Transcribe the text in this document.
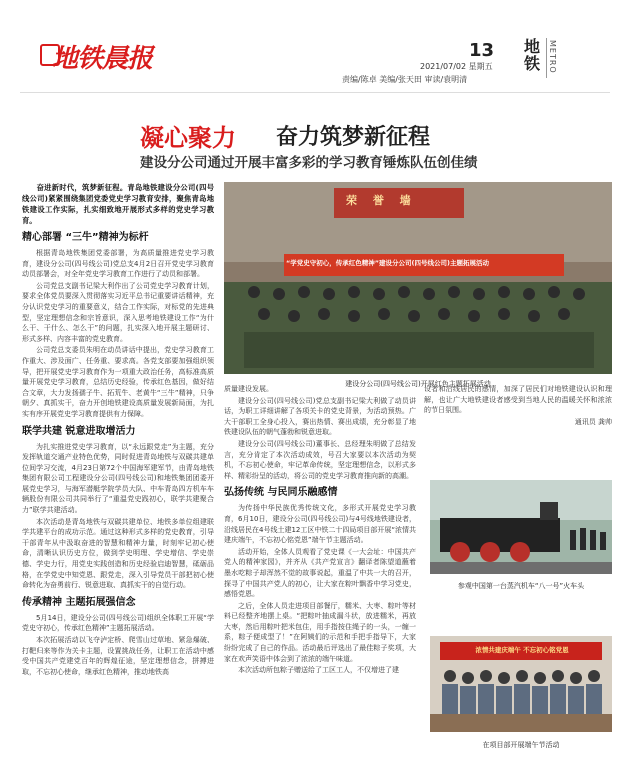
地铁晨报	13
2021/07/02 星期五
责编/陈卓 美编/张天田 审读/袁明清
地铁 METRO
凝心聚力 奋力筑梦新征程
建设分公司通过开展丰富多彩的学习教育锤炼队伍创佳绩

奋进新时代，筑梦新征程。青岛地铁建设分公司(四号线公司)紧紧围绕集团党委党史学习教育安排，聚焦青岛地铁建设工作实际，扎实细致地开展形式多样的党史学习教育。

精心部署 “三牛”精神为标杆

根据青岛地铁集团党委部署，为高质量推进党史学习教育，建设分公司(四号线公司)党总支4月2日召开党史学习教育动员部署会，对全年党史学习教育工作进行了动员和部署。

公司党总支副书记梁大利作出了公司党史学习教育计划，要求全体党员要深入贯彻落实习近平总书记重要讲话精神，充分认识党史学习的重要意义，结合工作实际，对标党的先进典型，坚定理想信念和宗旨意识，深入思考地铁建设工作“为什么干、干什么、怎么干”的问题，扎实深入地开展主题研讨、形式多样、内容丰富的党史教育。

公司党总支委员朱明在动员讲话中提出，党史学习教育工作重大、涉及面广、任务重、要求高。各党支部要加强组织领导，把开展党史学习教育作为一项重大政治任务，高标准高质量开展党史学习教育，总结历史经验，传承红色基因，做好结合文章，大力发扬孺子牛、拓荒牛、老黄牛“三牛”精神，只争朝夕、真抓实干，奋力开创地铁建设高质量发展新局面，为扎实有序开展党史学习教育提供有力保障。

联学共建 锐意进取增活力

为扎实推进党史学习教育，以“永远跟党走”为主题，充分发挥轨道交通产业特色优势，同时促进青岛地铁与双碳共建单位间学习交流，4月23日第72个中国海军建军节，由青岛地铁集团有限公司工程建设分公司(四号线公司)和地铁集团团委开展党史学习，与海军潜艇学院学员大队、中车青岛四方机车车辆股份有限公司共同举行了“重温党史践初心，联学共建聚合力”联学共建活动。

本次活动是青岛地铁与双碳共建单位、地铁多单位组建联学共建平台的成功示范。通过这种形式多样的党史教育，引导干部青年从中汲取奋进的智慧和精神力量，时刻牢记初心使命，清晰认识历史方位，做到学史明理、学史增信、学史崇德、学史力行，用党史实践创造和历史经验启迪智慧，砥砺品格，在学党史中知党恩、跟党走，深入引导党员干部把初心使命转化为奋勇前行、锐意进取、真抓实干的自觉行动。

传承精神 主题拓展强信念

5月14日，建设分公司(四号线公司)组织全体职工开展“学党史守初心，传承红色精神”主题拓展活动。

本次拓展活动以飞夺泸定桥、爬雪山过草地、紧急爆破、打靶归来等作为关卡主题，设置挑战任务，让职工在活动中感受中国共产党建党百年的辉煌征途，坚定理想信念，拼搏进取，不忘初心使命，继承红色精神，推动地铁高

荣 誉 墙
“学党史守初心，传承红色精神”建设分公司(四号线公司)主题拓展活动
建设分公司(四号线公司)开展红色主题拓展活动

质量建设发展。

建设分公司(四号线公司)党总支副书记梁大利做了动员讲话，为职工详细讲解了各项关卡的党史背景，为活动预热。广大干部职工全身心投入，赛出热情、赛出成绩，充分彰显了地铁建设队伍的朝气蓬勃和锐意进取。

建设分公司(四号线公司)董事长、总经理朱明做了总结发言，充分肯定了本次活动成效，号召大家要以本次活动为契机，不忘初心使命，牢记革命传统，坚定理想信念，以形式多样、精彩纷呈的活动，将公司的党史学习教育推向新的高潮。

弘扬传统 与民同乐融感情

为传扬中华民族优秀传统文化，多形式开展党史学习教育，6月10日，建设分公司(四号线公司)与4号线地铁建设者，沿线居民在4号线土建12工区中铁二十四局项目部开展“浓情共建庆端午，不忘初心铭党恩”端午节主题活动。

活动开始，全体人员观看了党史课《一大会址：中国共产党人的精神家园》，并齐从《共产党宣言》翻译者陈望道蘸着墨水吃粽子却浑然不觉的故事说起，重温了中共一大的召开，探寻了中国共产党人的初心，让大家在粽叶飘香中学习党史，感悟党恩。

之后，全体人员走进项目部餐厅，糯米、大枣、粽叶等材料已经整齐地摆上桌。“把粽叶抽成漏斗状，放进糯米，再放大枣，然后用粽叶把米包住，用手指按住绳子的一头，一缠一系，粽子便成型了！”在阿姨们的示范和手把手指导下，大家纷纷完成了自己的作品。活动最后评选出了最佳粽子奖项，大家在欢声笑语中体会到了浓浓的端午味道。

本次活动所包粽子赠送给了工区工人，不仅增进了建

设者和沿线居民的感情，加深了居民们对地铁建设认识和理解，也让广大地铁建设者感受到当地人民的温暖关怀和浓浓的节日氛围。

通讯员 龚帅
参观中国第一台蒸汽机车“八一号”火车头
浓情共建庆端午 不忘初心铭党恩
在项目部开展端午节活动
